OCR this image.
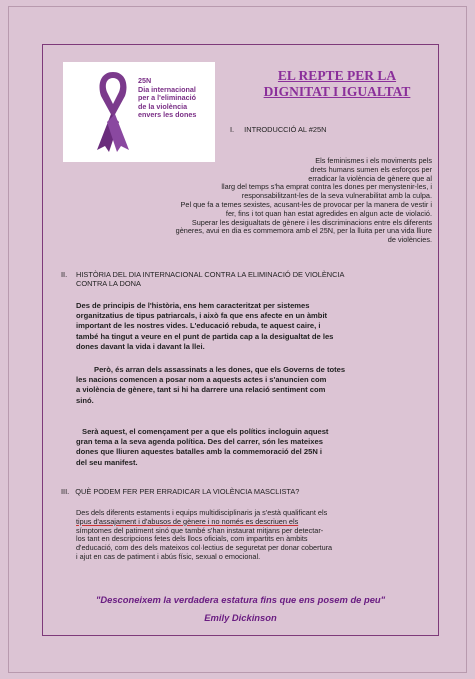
25N
Dia internacional
per a l'eliminació
de la violència
envers les dones
EL REPTE PER LA
DIGNITAT I IGUALTAT
I. INTRODUCCIÓ AL #25N
Els feminismes i els moviments pels
drets humans sumen els esforços per
erradicar la violència de gènere que al
llarg del temps s'ha emprat contra les dones per menystenir-les, i
responsabilitzant-les de la seva vulnerabilitat amb la culpa.
Pel que fa a temes sexistes, acusant-les de provocar per la manera de vestir i
fer, fins i tot quan han estat agredides en algun acte de violació.
Superar les desigualtats de gènere i les discriminacions entre els diferents
gèneres, avui en dia es commemora amb el 25N, per la lluita per una vida lliure
de violències.
II. HISTÒRIA DEL DIA INTERNACIONAL CONTRA LA ELIMINACIÓ DE VIOLÈNCIA
CONTRA LA DONA
Des de principis de l'història, ens hem caracteritzat per sistemes
organitzatius de tipus patriarcals, i això fa que ens afecte en un àmbit
important de les nostres vides. L'educació rebuda, te aquest caire, i
també ha tingut a veure en el punt de partida cap a la desigualtat de les
dones davant la vida i davant la llei.
Però, és arran dels assassinats a les dones, que els Governs de totes
les nacions comencen a posar nom a aquests actes i s'anuncien com
a violència de gènere, tant si hi ha darrere una relació sentiment com
sinó.
Serà aquest, el començament per a que els polítics incloguin aquest
gran tema a la seva agenda política. Des del carrer, són les mateixes
dones que lliuren aquestes batalles amb la commemoració del 25N i
del seu manifest.
III. QUÈ PODEM FER PER ERRADICAR LA VIOLÈNCIA MASCLISTA?
Des dels diferents estaments i equips multidisciplinaris ja s'està qualificant els
tipus d'assajament i d'abusos de gènere i no només es descriuen els
símptomes del patiment sinó que també s'han instaurat mitjans per detectar-
los tant en descripcions fetes dels llocs oficials, com impartits en àmbits
d'educació, com des dels mateixos col·lectius de seguretat per donar cobertura
i ajut en cas de patiment i abús físic, sexual o emocional.
"Desconeixem la verdadera estatura fins que ens posem de peu"
Emily Dickinson
